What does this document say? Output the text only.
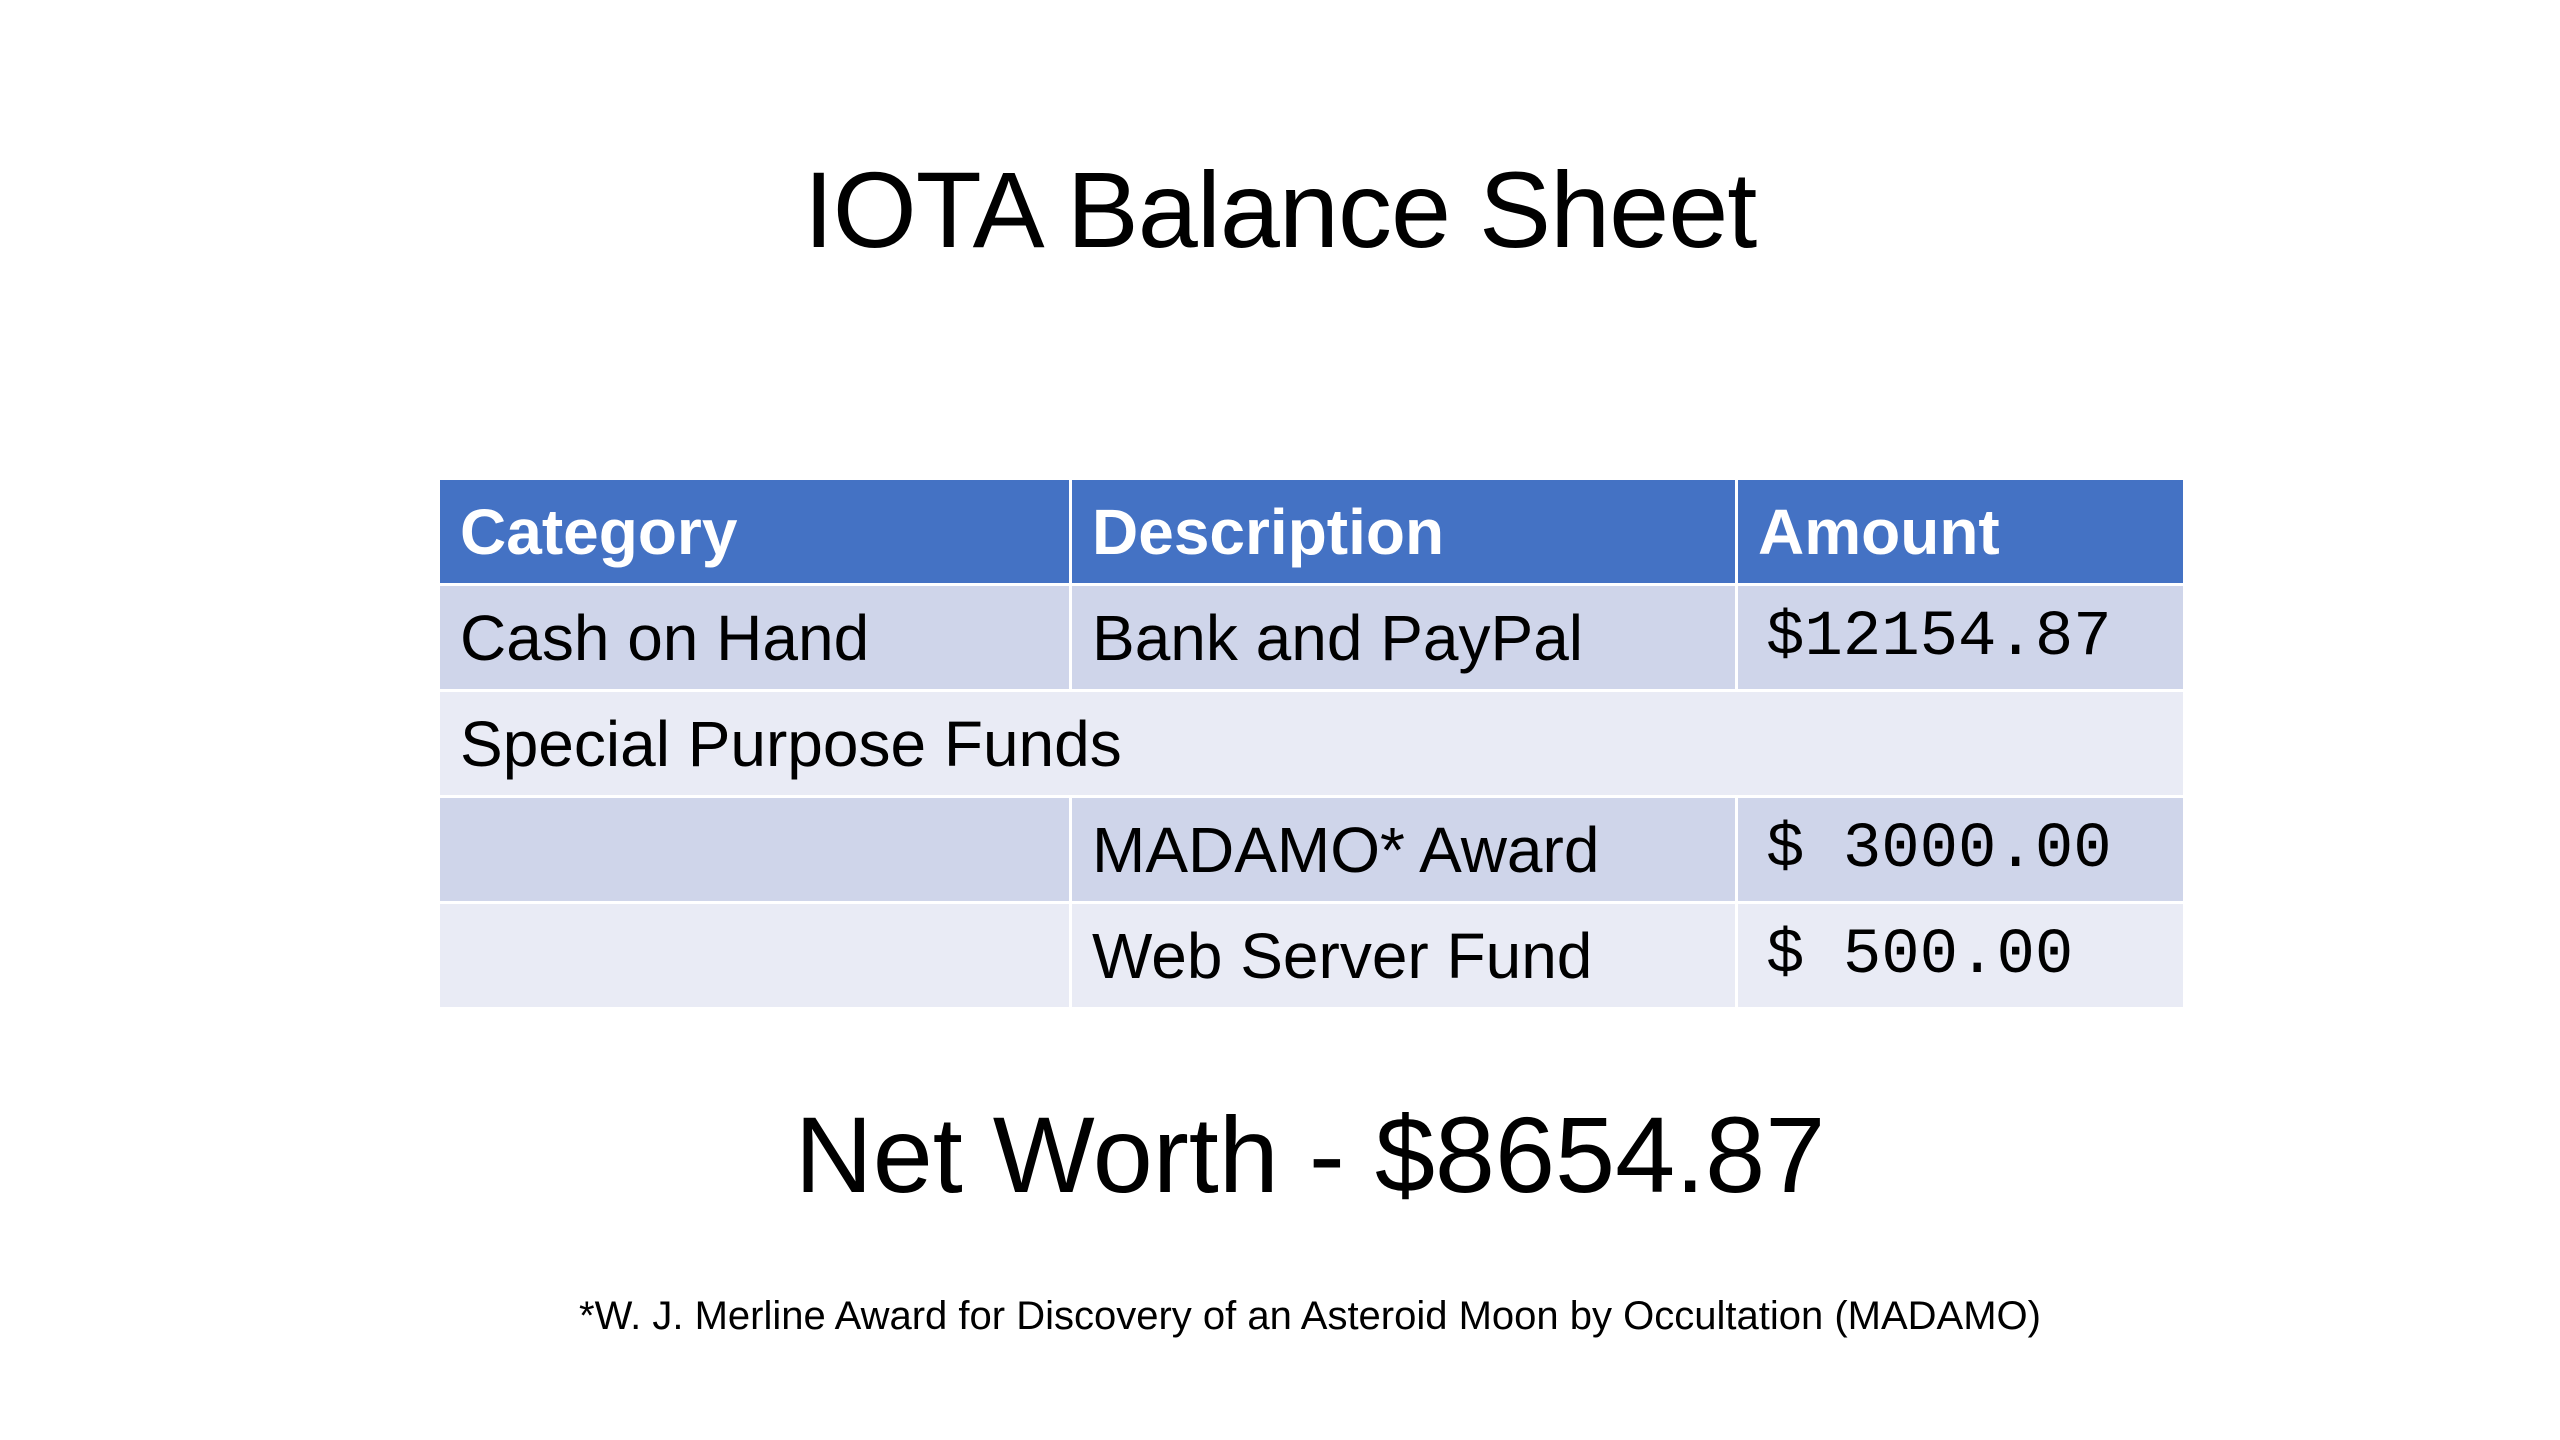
IOTA Balance Sheet
Category	Description	Amount
Cash on Hand	Bank and PayPal	$12154.87
Special Purpose Funds		
	MADAMO* Award	$ 3000.00
	Web Server Fund	$ 500.00
Net Worth - $8654.87
*W. J. Merline Award for Discovery of an Asteroid Moon by Occultation (MADAMO)
